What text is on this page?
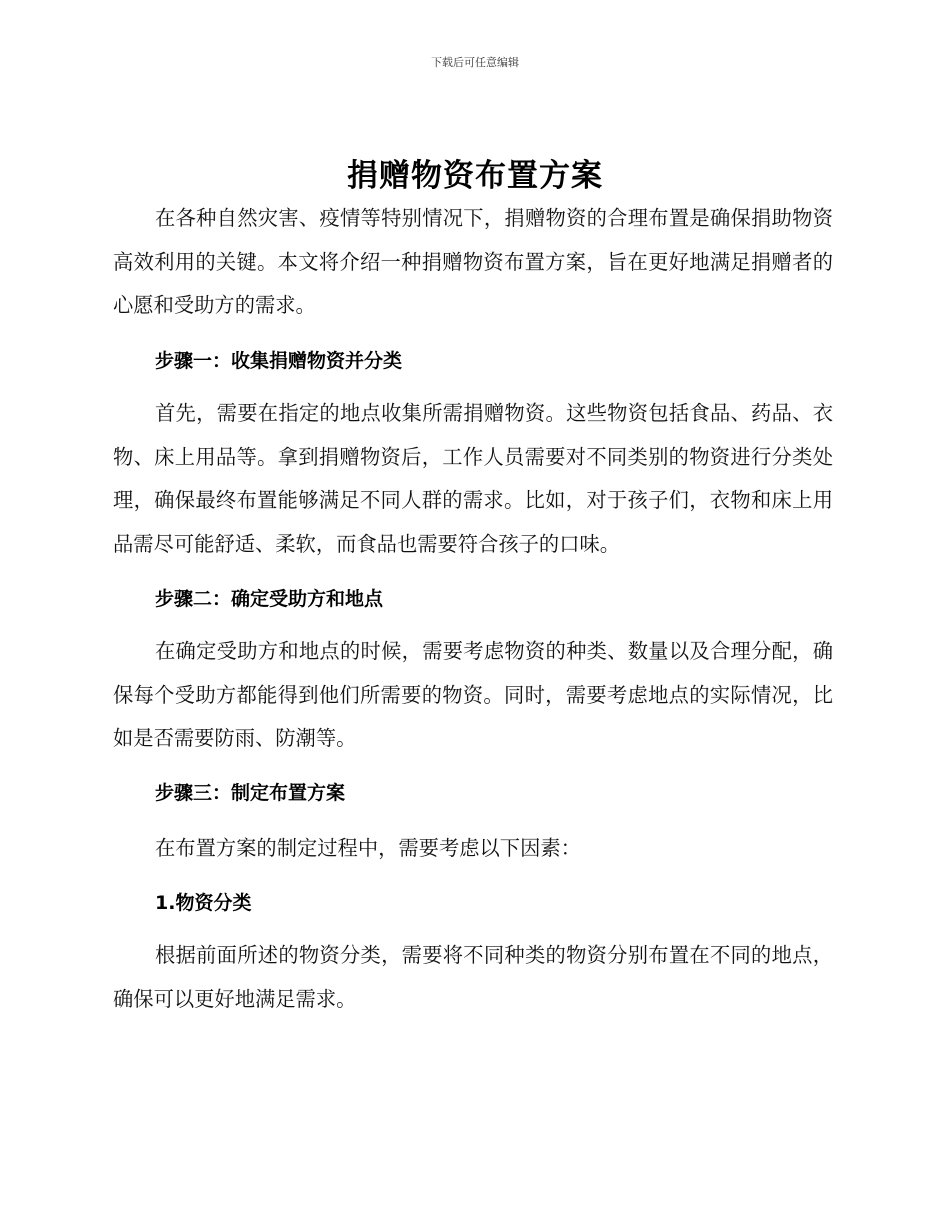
下载后可任意编辑
捐赠物资布置方案
在各种自然灾害、疫情等特别情况下，捐赠物资的合理布置是确保捐助物资高效利用的关键。本文将介绍一种捐赠物资布置方案，旨在更好地满足捐赠者的心愿和受助方的需求。
步骤一：收集捐赠物资并分类
首先，需要在指定的地点收集所需捐赠物资。这些物资包括食品、药品、衣物、床上用品等。拿到捐赠物资后，工作人员需要对不同类别的物资进行分类处理，确保最终布置能够满足不同人群的需求。比如，对于孩子们，衣物和床上用品需尽可能舒适、柔软，而食品也需要符合孩子的口味。
步骤二：确定受助方和地点
在确定受助方和地点的时候，需要考虑物资的种类、数量以及合理分配，确保每个受助方都能得到他们所需要的物资。同时，需要考虑地点的实际情况，比如是否需要防雨、防潮等。
步骤三：制定布置方案
在布置方案的制定过程中，需要考虑以下因素：
1.物资分类
根据前面所述的物资分类，需要将不同种类的物资分别布置在不同的地点，确保可以更好地满足需求。
